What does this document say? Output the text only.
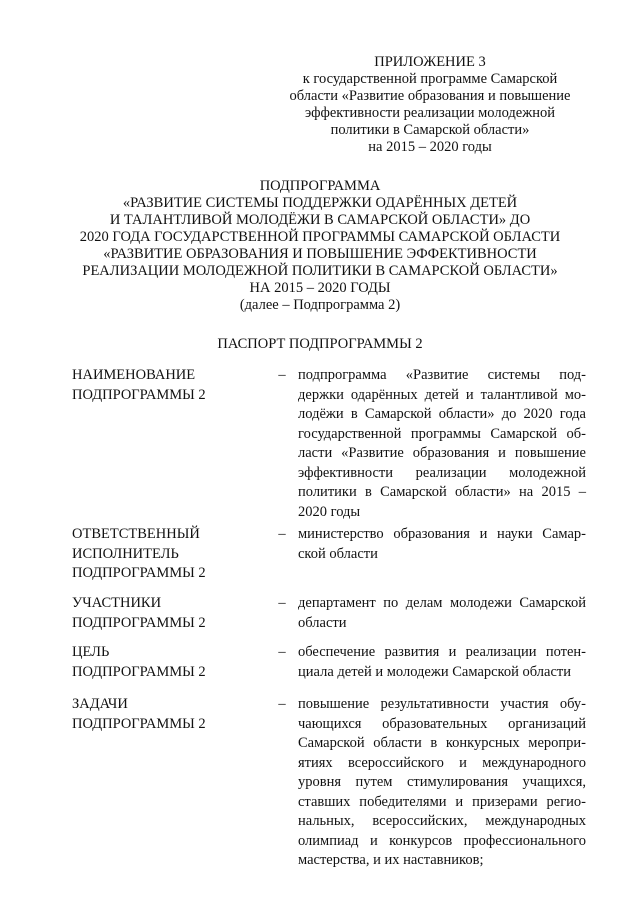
ПРИЛОЖЕНИЕ 3
к государственной программе Самарской
области «Развитие образования и повышение
эффективности реализации молодежной
политики в Самарской области»
на 2015 – 2020 годы
ПОДПРОГРАММА
«РАЗВИТИЕ СИСТЕМЫ ПОДДЕРЖКИ ОДАРЁННЫХ ДЕТЕЙ
И ТАЛАНТЛИВОЙ МОЛОДЁЖИ В САМАРСКОЙ ОБЛАСТИ» ДО
2020 ГОДА ГОСУДАРСТВЕННОЙ ПРОГРАММЫ САМАРСКОЙ ОБЛАСТИ
«РАЗВИТИЕ ОБРАЗОВАНИЯ И ПОВЫШЕНИЕ ЭФФЕКТИВНОСТИ
РЕАЛИЗАЦИИ МОЛОДЕЖНОЙ ПОЛИТИКИ В САМАРСКОЙ ОБЛАСТИ»
НА 2015 – 2020 ГОДЫ
(далее – Подпрограмма 2)
ПАСПОРТ ПОДПРОГРАММЫ 2
НАИМЕНОВАНИЕ
ПОДПРОГРАММЫ 2
– подпрограмма «Развитие системы под-
держки одарённых детей и талантливой мо-
лодёжи в Самарской области» до 2020 года
государственной программы Самарской об-
ласти «Развитие образования и повышение
эффективности реализации молодежной
политики в Самарской области» на 2015 –
2020 годы
ОТВЕТСТВЕННЫЙ
ИСПОЛНИТЕЛЬ
ПОДПРОГРАММЫ 2
– министерство образования и науки Самар-
ской области
УЧАСТНИКИ
ПОДПРОГРАММЫ 2
– департамент по делам молодежи Самарской
области
ЦЕЛЬ
ПОДПРОГРАММЫ 2
– обеспечение развития и реализации потен-
циала детей и молодежи Самарской области
ЗАДАЧИ
ПОДПРОГРАММЫ 2
– повышение результативности участия обу-
чающихся образовательных организаций
Самарской области в конкурсных меропри-
ятиях всероссийского и международного
уровня путем стимулирования учащихся,
ставших победителями и призерами регио-
нальных, всероссийских, международных
олимпиад и конкурсов профессионального
мастерства, и их наставников;
